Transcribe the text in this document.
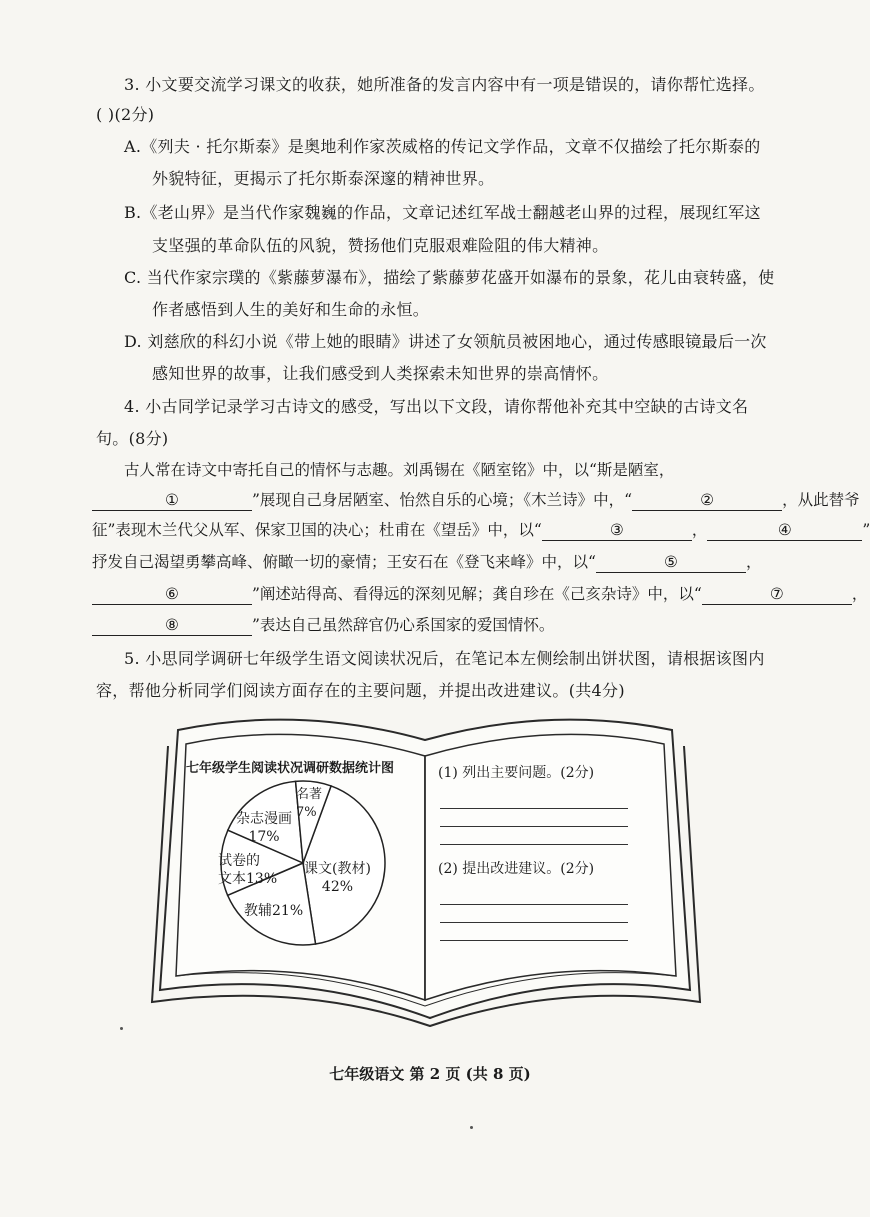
3. 小文要交流学习课文的收获，她所准备的发言内容中有一项是错误的，请你帮忙选择。
( )(2分)
A.《列夫 · 托尔斯泰》是奥地利作家茨威格的传记文学作品，文章不仅描绘了托尔斯泰的
外貌特征，更揭示了托尔斯泰深邃的精神世界。
B.《老山界》是当代作家魏巍的作品，文章记述红军战士翻越老山界的过程，展现红军这
支坚强的革命队伍的风貌，赞扬他们克服艰难险阻的伟大精神。
C. 当代作家宗璞的《紫藤萝瀑布》，描绘了紫藤萝花盛开如瀑布的景象，花儿由衰转盛，使
作者感悟到人生的美好和生命的永恒。
D. 刘慈欣的科幻小说《带上她的眼睛》讲述了女领航员被困地心，通过传感眼镜最后一次
感知世界的故事，让我们感受到人类探索未知世界的崇高情怀。
4. 小古同学记录学习古诗文的感受，写出以下文段，请你帮他补充其中空缺的古诗文名
句。(8分)
古人常在诗文中寄托自己的情怀与志趣。刘禹锡在《陋室铭》中，以“斯是陋室，
①	”展现自己身居陋室、怡然自乐的心境；《木兰诗》中，“	②	，从此替爷
征”表现木兰代父从军、保家卫国的决心；杜甫在《望岳》中，以“	③	，	④	”
抒发自己渴望勇攀高峰、俯瞰一切的豪情；王安石在《登飞来峰》中，以“	⑤	，
⑥	”阐述站得高、看得远的深刻见解；龚自珍在《己亥杂诗》中，以“	⑦	，
⑧	”表达自己虽然辞官仍心系国家的爱国情怀。
5. 小思同学调研七年级学生语文阅读状况后，在笔记本左侧绘制出饼状图，请根据该图内
容，帮他分析同学们阅读方面存在的主要问题，并提出改进建议。(共4分)
七年级学生阅读状况调研数据统计图
名著
7%
杂志漫画
17%
试卷的
文本13%
课文(教材)
42%
教辅21%
(1) 列出主要问题。(2分)
(2) 提出改进建议。(2分)
七年级语文 第 2 页 (共 8 页)
